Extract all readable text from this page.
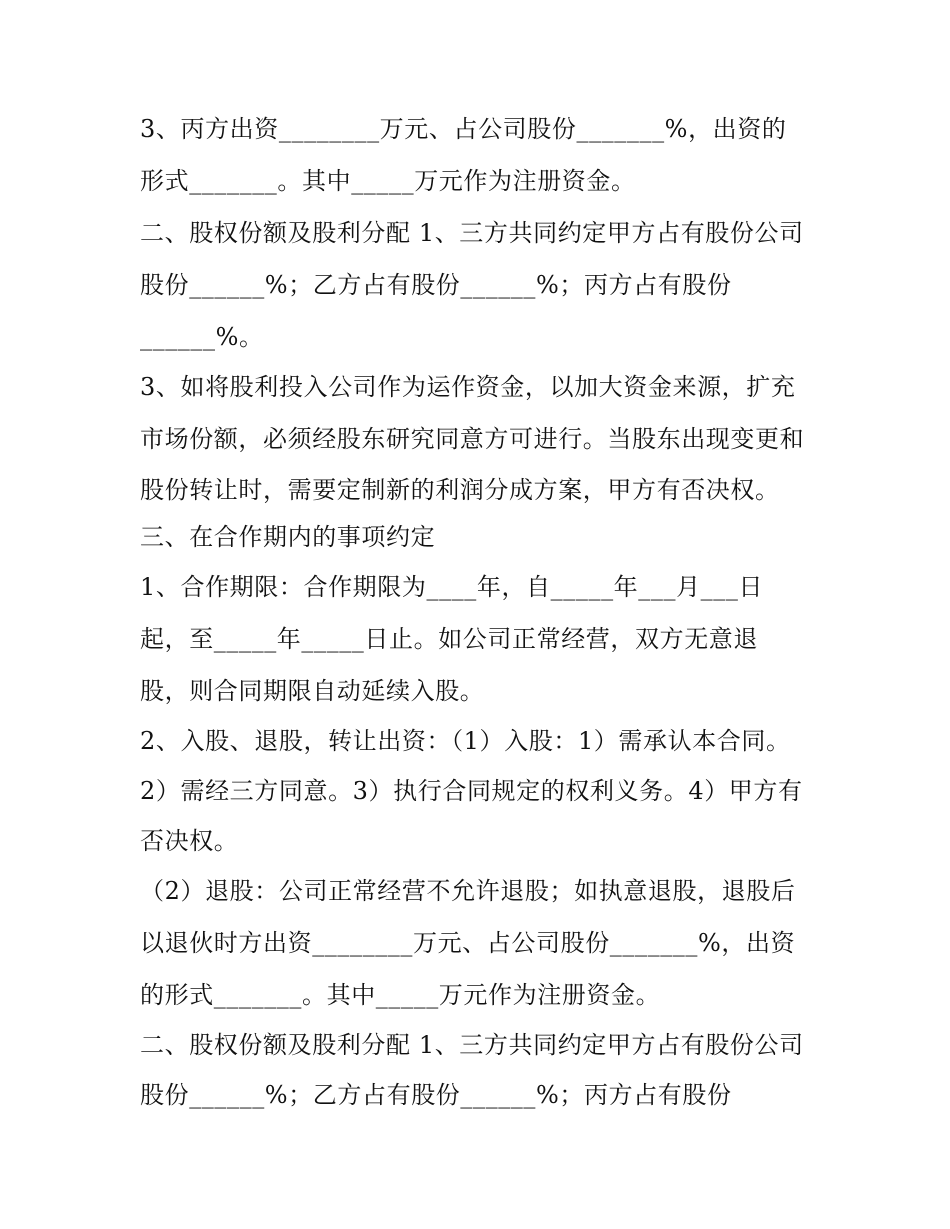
3、丙方出资________万元、占公司股份_______%，出资的
形式_______。其中_____万元作为注册资金。
二、股权份额及股利分配 1、三方共同约定甲方占有股份公司
股份______%；乙方占有股份______%；丙方占有股份
______%。
3、如将股利投入公司作为运作资金，以加大资金来源，扩充
市场份额，必须经股东研究同意方可进行。当股东出现变更和
股份转让时，需要定制新的利润分成方案，甲方有否决权。
三、在合作期内的事项约定
1、合作期限：合作期限为____年，自_____年___月___日
起，至_____年_____日止。如公司正常经营，双方无意退
股，则合同期限自动延续入股。
2、入股、退股，转让出资：（1）入股：1）需承认本合同。
2）需经三方同意。3）执行合同规定的权利义务。4）甲方有
否决权。
（2）退股：公司正常经营不允许退股；如执意退股，退股后
以退伙时方出资________万元、占公司股份_______%，出资
的形式_______。其中_____万元作为注册资金。
二、股权份额及股利分配 1、三方共同约定甲方占有股份公司
股份______%；乙方占有股份______%；丙方占有股份
